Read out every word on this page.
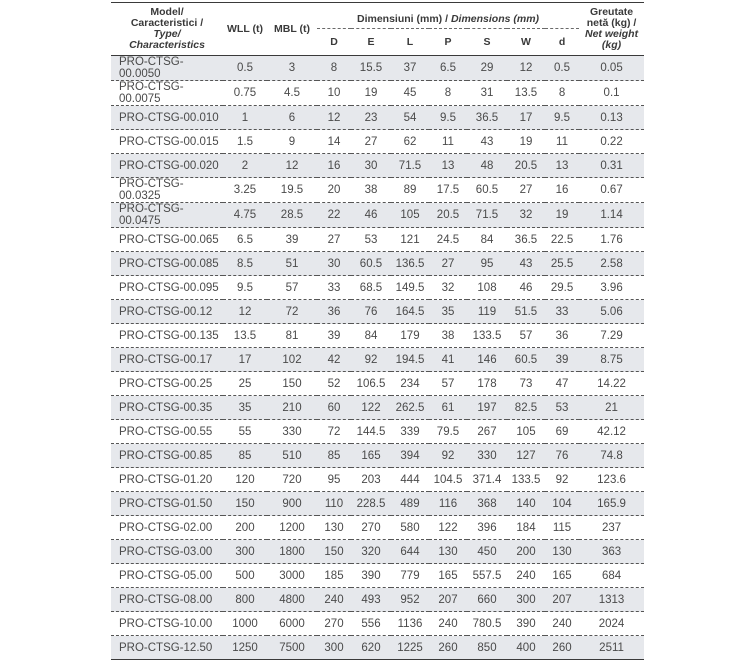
Model/
Caracteristici /
Type/
Characteristics	WLL (t)	MBL (t)	Dimensiuni (mm) / Dimensions (mm)							Greutate
netă (kg) /
Net weight
(kg)
			D	E	L	P	S	W	d	
PRO-CTSG-00.0050	0.5	3	8	15.5	37	6.5	29	12	0.5	0.05
PRO-CTSG-00.0075	0.75	4.5	10	19	45	8	31	13.5	8	0.1
PRO-CTSG-00.010	1	6	12	23	54	9.5	36.5	17	9.5	0.13
PRO-CTSG-00.015	1.5	9	14	27	62	11	43	19	11	0.22
PRO-CTSG-00.020	2	12	16	30	71.5	13	48	20.5	13	0.31
PRO-CTSG-00.0325	3.25	19.5	20	38	89	17.5	60.5	27	16	0.67
PRO-CTSG-00.0475	4.75	28.5	22	46	105	20.5	71.5	32	19	1.14
PRO-CTSG-00.065	6.5	39	27	53	121	24.5	84	36.5	22.5	1.76
PRO-CTSG-00.085	8.5	51	30	60.5	136.5	27	95	43	25.5	2.58
PRO-CTSG-00.095	9.5	57	33	68.5	149.5	32	108	46	29.5	3.96
PRO-CTSG-00.12	12	72	36	76	164.5	35	119	51.5	33	5.06
PRO-CTSG-00.135	13.5	81	39	84	179	38	133.5	57	36	7.29
PRO-CTSG-00.17	17	102	42	92	194.5	41	146	60.5	39	8.75
PRO-CTSG-00.25	25	150	52	106.5	234	57	178	73	47	14.22
PRO-CTSG-00.35	35	210	60	122	262.5	61	197	82.5	53	21
PRO-CTSG-00.55	55	330	72	144.5	339	79.5	267	105	69	42.12
PRO-CTSG-00.85	85	510	85	165	394	92	330	127	76	74.8
PRO-CTSG-01.20	120	720	95	203	444	104.5	371.4	133.5	92	123.6
PRO-CTSG-01.50	150	900	110	228.5	489	116	368	140	104	165.9
PRO-CTSG-02.00	200	1200	130	270	580	122	396	184	115	237
PRO-CTSG-03.00	300	1800	150	320	644	130	450	200	130	363
PRO-CTSG-05.00	500	3000	185	390	779	165	557.5	240	165	684
PRO-CTSG-08.00	800	4800	240	493	952	207	660	300	207	1313
PRO-CTSG-10.00	1000	6000	270	556	1136	240	780.5	390	240	2024
PRO-CTSG-12.50	1250	7500	300	620	1225	260	850	400	260	2511
